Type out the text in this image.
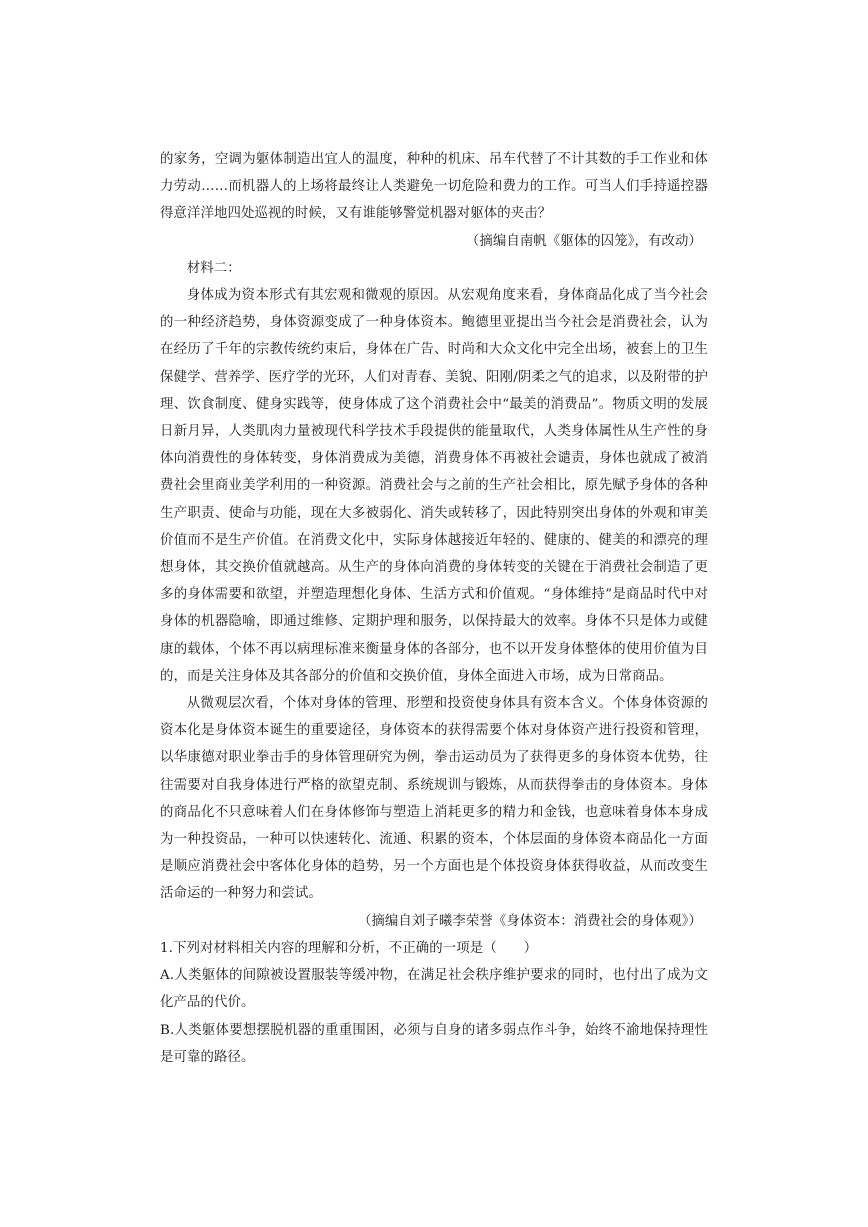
的家务，空调为躯体制造出宜人的温度，种种的机床、吊车代替了不计其数的手工作业和体力劳动……而机器人的上场将最终让人类避免一切危险和费力的工作。可当人们手持遥控器得意洋洋地四处巡视的时候，又有谁能够警觉机器对躯体的夹击？

（摘编自南帆《躯体的囚笼》，有改动）

材料二：

身体成为资本形式有其宏观和微观的原因。从宏观角度来看，身体商品化成了当今社会的一种经济趋势，身体资源变成了一种身体资本。鲍德里亚提出当今社会是消费社会，认为在经历了千年的宗教传统约束后，身体在广告、时尚和大众文化中完全出场，被套上的卫生保健学、营养学、医疗学的光环，人们对青春、美貌、阳刚/阴柔之气的追求，以及附带的护理、饮食制度、健身实践等，使身体成了这个消费社会中“最美的消费品”。物质文明的发展日新月异，人类肌肉力量被现代科学技术手段提供的能量取代，人类身体属性从生产性的身体向消费性的身体转变，身体消费成为美德，消费身体不再被社会谴责，身体也就成了被消费社会里商业美学利用的一种资源。消费社会与之前的生产社会相比，原先赋予身体的各种生产职责、使命与功能，现在大多被弱化、消失或转移了，因此特别突出身体的外观和审美价值而不是生产价值。在消费文化中，实际身体越接近年轻的、健康的、健美的和漂亮的理想身体，其交换价值就越高。从生产的身体向消费的身体转变的关键在于消费社会制造了更多的身体需要和欲望，并塑造理想化身体、生活方式和价值观。“身体维持”是商品时代中对身体的机器隐喻，即通过维修、定期护理和服务，以保持最大的效率。身体不只是体力或健康的载体，个体不再以病理标准来衡量身体的各部分，也不以开发身体整体的使用价值为目的，而是关注身体及其各部分的价值和交换价值，身体全面进入市场，成为日常商品。

从微观层次看，个体对身体的管理、形塑和投资使身体具有资本含义。个体身体资源的资本化是身体资本诞生的重要途径，身体资本的获得需要个体对身体资产进行投资和管理，以华康德对职业拳击手的身体管理研究为例，拳击运动员为了获得更多的身体资本优势，往往需要对自我身体进行严格的欲望克制、系统规训与锻炼，从而获得拳击的身体资本。身体的商品化不只意味着人们在身体修饰与塑造上消耗更多的精力和金钱，也意味着身体本身成为一种投资品，一种可以快速转化、流通、积累的资本，个体层面的身体资本商品化一方面是顺应消费社会中客体化身体的趋势，另一个方面也是个体投资身体获得收益，从而改变生活命运的一种努力和尝试。

（摘编自刘子曦李荣誉《身体资本：消费社会的身体观》）

1.下列对材料相关内容的理解和分析，不正确的一项是（　　）

A.人类躯体的间隙被设置服装等缓冲物，在满足社会秩序维护要求的同时，也付出了成为文化产品的代价。

B.人类躯体要想摆脱机器的重重围困，必须与自身的诸多弱点作斗争，始终不渝地保持理性是可靠的路径。
